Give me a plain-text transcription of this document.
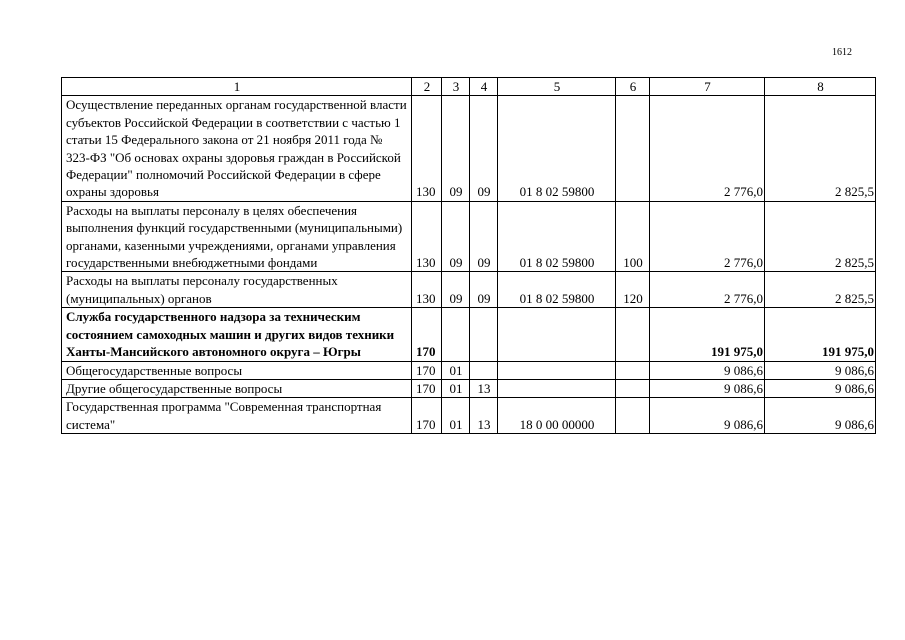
1612
1	2	3	4	5	6	7	8
Осуществление переданных органам государственной власти субъектов Российской Федерации в соответствии с частью 1 статьи 15 Федерального закона от 21 ноября 2011 года № 323-ФЗ "Об основах охраны здоровья граждан в Российской Федерации" полномочий Российской Федерации в сфере охраны здоровья	130	09	09	01 8 02 59800		2 776,0	2 825,5
Расходы на выплаты персоналу в целях обеспечения выполнения функций государственными (муниципальными) органами, казенными учреждениями, органами управления государственными внебюджетными фондами	130	09	09	01 8 02 59800	100	2 776,0	2 825,5
Расходы на выплаты персоналу государственных (муниципальных) органов	130	09	09	01 8 02 59800	120	2 776,0	2 825,5
Служба государственного надзора за техническим состоянием самоходных машин и других видов техники Ханты-Мансийского автономного округа – Югры	170					191 975,0	191 975,0
Общегосударственные вопросы	170	01				9 086,6	9 086,6
Другие общегосударственные вопросы	170	01	13			9 086,6	9 086,6
Государственная программа "Современная транспортная система"	170	01	13	18 0 00 00000		9 086,6	9 086,6
